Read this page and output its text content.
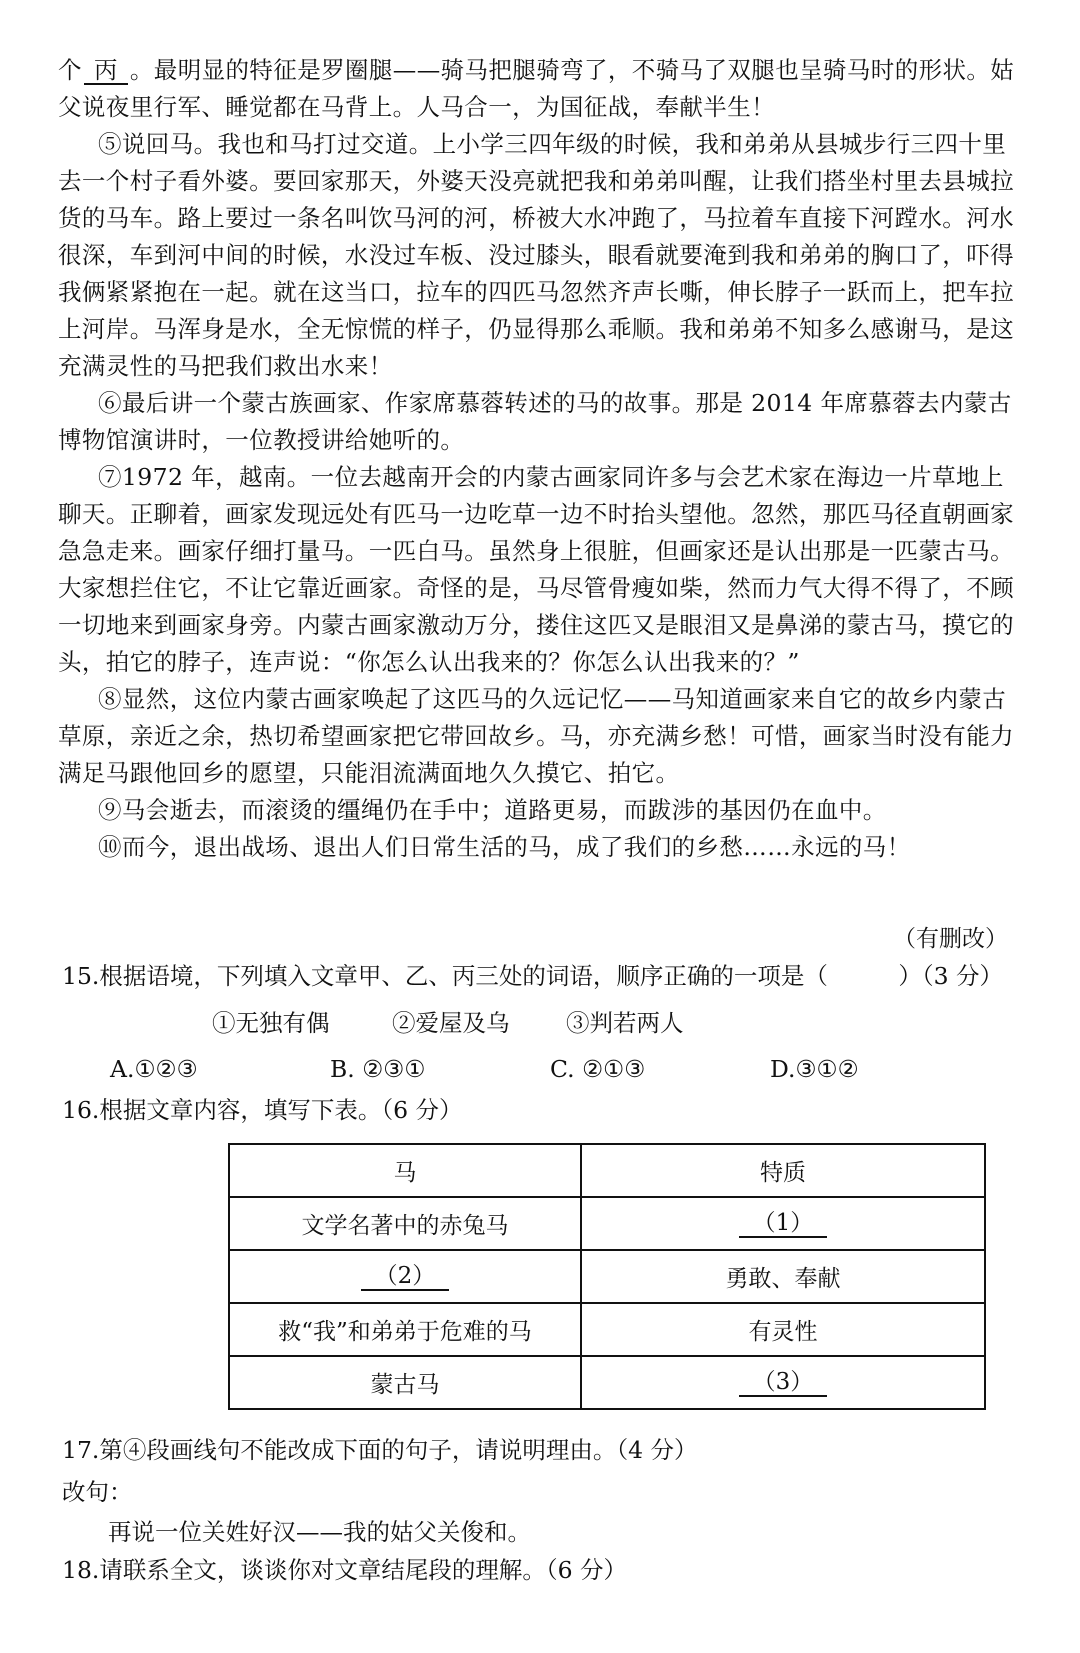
个 丙 。最明显的特征是罗圈腿——骑马把腿骑弯了，不骑马了双腿也呈骑马时的形状。姑
父说夜里行军、睡觉都在马背上。人马合一，为国征战，奉献半生！
⑤说回马。我也和马打过交道。上小学三四年级的时候，我和弟弟从县城步行三四十里
去一个村子看外婆。要回家那天，外婆天没亮就把我和弟弟叫醒，让我们搭坐村里去县城拉
货的马车。路上要过一条名叫饮马河的河，桥被大水冲跑了，马拉着车直接下河蹚水。河水
很深，车到河中间的时候，水没过车板、没过膝头，眼看就要淹到我和弟弟的胸口了，吓得
我俩紧紧抱在一起。就在这当口，拉车的四匹马忽然齐声长嘶，伸长脖子一跃而上，把车拉
上河岸。马浑身是水，全无惊慌的样子，仍显得那么乖顺。我和弟弟不知多么感谢马，是这
充满灵性的马把我们救出水来！
⑥最后讲一个蒙古族画家、作家席慕蓉转述的马的故事。那是 2014 年席慕蓉去内蒙古
博物馆演讲时，一位教授讲给她听的。
⑦1972 年，越南。一位去越南开会的内蒙古画家同许多与会艺术家在海边一片草地上
聊天。正聊着，画家发现远处有匹马一边吃草一边不时抬头望他。忽然，那匹马径直朝画家
急急走来。画家仔细打量马。一匹白马。虽然身上很脏，但画家还是认出那是一匹蒙古马。
大家想拦住它，不让它靠近画家。奇怪的是，马尽管骨瘦如柴，然而力气大得不得了，不顾
一切地来到画家身旁。内蒙古画家激动万分，搂住这匹又是眼泪又是鼻涕的蒙古马，摸它的
头，拍它的脖子，连声说：“你怎么认出我来的？你怎么认出我来的？”
⑧显然，这位内蒙古画家唤起了这匹马的久远记忆——马知道画家来自它的故乡内蒙古
草原，亲近之余，热切希望画家把它带回故乡。马，亦充满乡愁！可惜，画家当时没有能力
满足马跟他回乡的愿望，只能泪流满面地久久摸它、拍它。
⑨马会逝去，而滚烫的缰绳仍在手中；道路更易，而跋涉的基因仍在血中。
⑩而今，退出战场、退出人们日常生活的马，成了我们的乡愁……永远的马！
（有删改）
15.根据语境，下列填入文章甲、乙、丙三处的词语，顺序正确的一项是（　　　）（3 分）
①无独有偶	②爱屋及乌 ③判若两人
A.①②③	B. ②③①	C. ②①③	D.③①②
16.根据文章内容，填写下表。（6 分）
马	特质
文学名著中的赤兔马	（1）
（2）	勇敢、奉献
救“我”和弟弟于危难的马	有灵性
蒙古马	（3）
17.第④段画线句不能改成下面的句子，请说明理由。（4 分）
改句：
再说一位关姓好汉——我的姑父关俊和。
18.请联系全文，谈谈你对文章结尾段的理解。（6 分）
